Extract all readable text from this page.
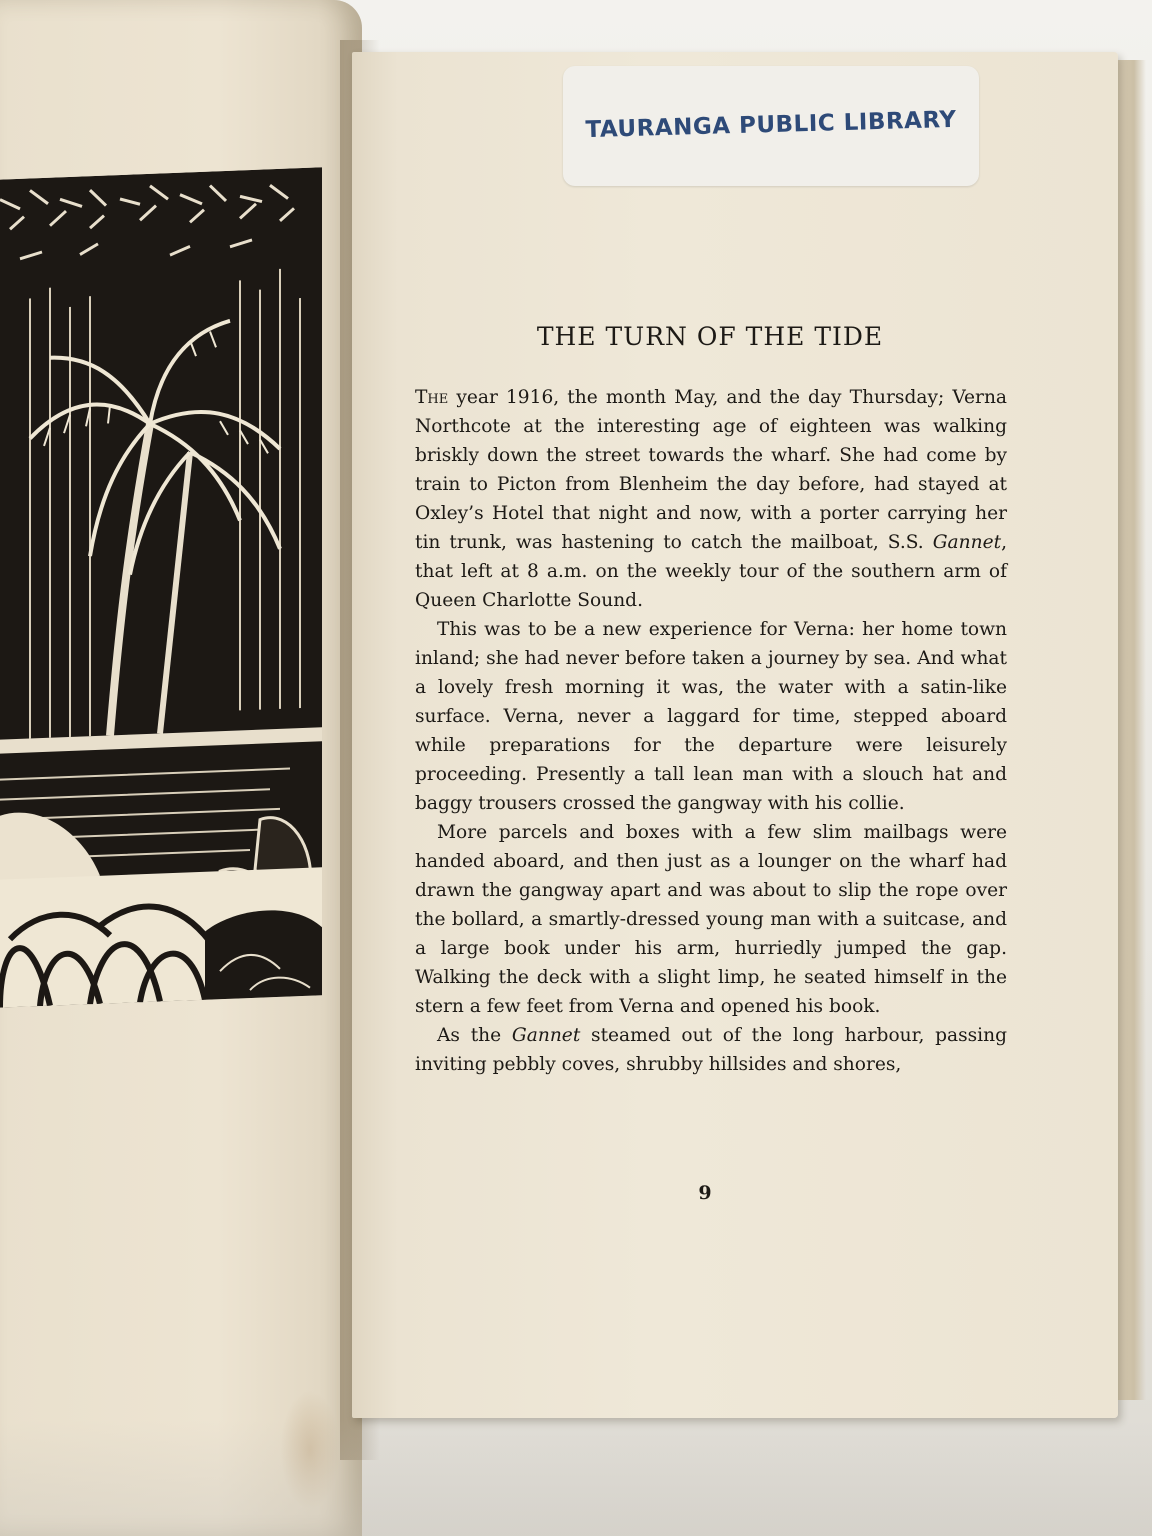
TAURANGA PUBLIC LIBRARY
THE TURN OF THE TIDE

The year 1916, the month May, and the day Thursday; Verna Northcote at the interesting age of eighteen was walking briskly down the street towards the wharf. She had come by train to Picton from Blenheim the day before, had stayed at Oxley’s Hotel that night and now, with a porter carrying her tin trunk, was hastening to catch the mailboat, S.S. Gannet, that left at 8 a.m. on the weekly tour of the southern arm of Queen Charlotte Sound.

This was to be a new experience for Verna: her home town inland; she had never before taken a journey by sea. And what a lovely fresh morning it was, the water with a satin-like surface. Verna, never a laggard for time, stepped aboard while preparations for the departure were leisurely proceeding. Presently a tall lean man with a slouch hat and baggy trousers crossed the gangway with his collie.

More parcels and boxes with a few slim mailbags were handed aboard, and then just as a lounger on the wharf had drawn the gangway apart and was about to slip the rope over the bollard, a smartly-dressed young man with a suitcase, and a large book under his arm, hurriedly jumped the gap. Walking the deck with a slight limp, he seated himself in the stern a few feet from Verna and opened his book.

As the Gannet steamed out of the long harbour, passing inviting pebbly coves, shrubby hillsides and shores,

9
